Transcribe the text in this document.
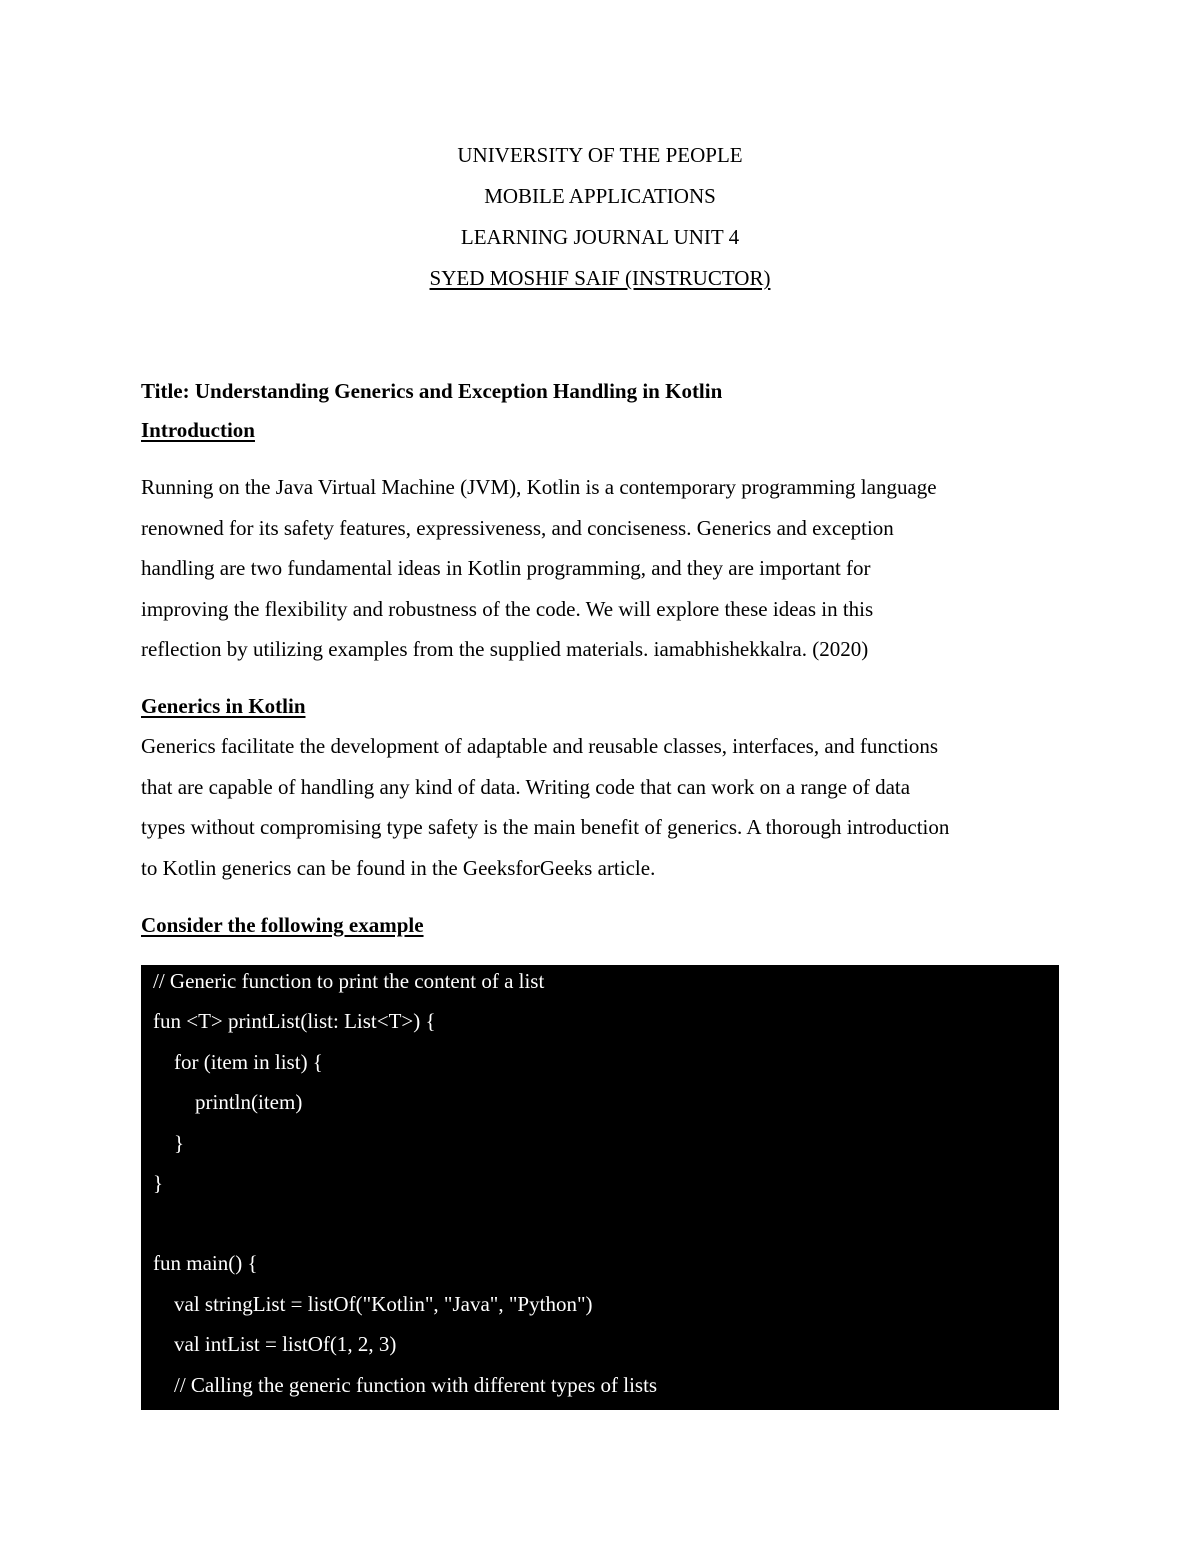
UNIVERSITY OF THE PEOPLE
MOBILE APPLICATIONS
LEARNING JOURNAL UNIT 4
SYED MOSHIF SAIF (INSTRUCTOR)
Title: Understanding Generics and Exception Handling in Kotlin
Introduction
Running on the Java Virtual Machine (JVM), Kotlin is a contemporary programming language
renowned for its safety features, expressiveness, and conciseness. Generics and exception
handling are two fundamental ideas in Kotlin programming, and they are important for
improving the flexibility and robustness of the code. We will explore these ideas in this
reflection by utilizing examples from the supplied materials. iamabhishekkalra. (2020)
Generics in Kotlin
Generics facilitate the development of adaptable and reusable classes, interfaces, and functions
that are capable of handling any kind of data. Writing code that can work on a range of data
types without compromising type safety is the main benefit of generics. A thorough introduction
to Kotlin generics can be found in the GeeksforGeeks article.
Consider the following example
// Generic function to print the content of a list
fun <T> printList(list: List<T>) {
for (item in list) {
println(item)
}
}
fun main() {
val stringList = listOf("Kotlin", "Java", "Python")
val intList = listOf(1, 2, 3)
// Calling the generic function with different types of lists
